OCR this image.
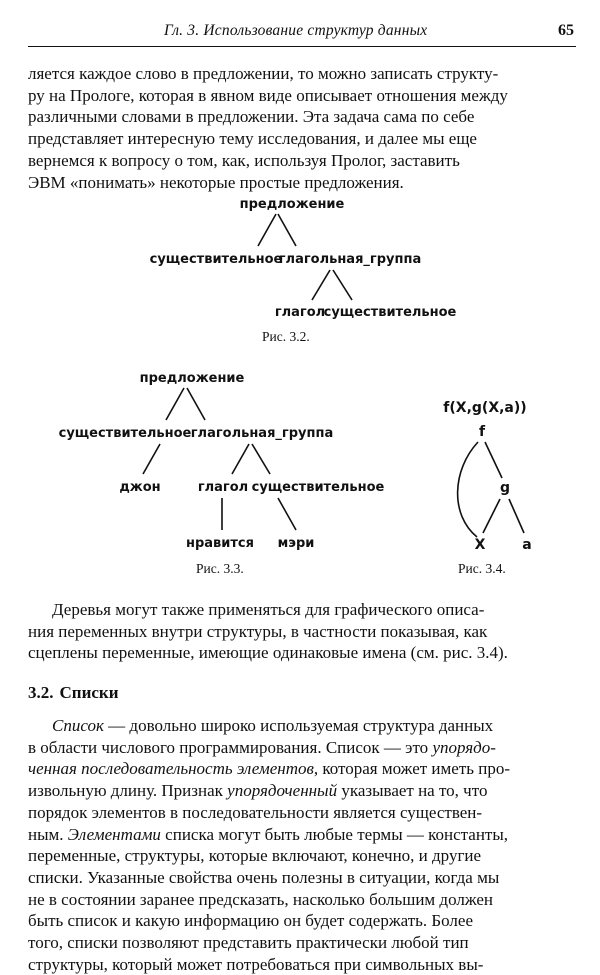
Гл. 3. Использование структур данных	65
ляется каждое слово в предложении, то можно записать структу-
ру на Прологе, которая в явном виде описывает отношения между
различными словами в предложении. Эта задача сама по себе
представляет интересную тему исследования, и далее мы еще
вернемся к вопросу о том, как, используя Пролог, заставить
ЭВМ «понимать» некоторые простые предложения.
предложение
существительное
глагольная_группа
глагол
существительное
Рис. 3.2.
предложение
существительное глагольная_группа
джон	глагол существительное
нравится мэри
Рис. 3.3.
f(X,g(X,a))
f
g
X	a
Рис. 3.4.
Деревья могут также применяться для графического описа-
ния переменных внутри структуры, в частности показывая, как
сцеплены переменные, имеющие одинаковые имена (см. рис. 3.4).
3.2. Списки
Список — довольно широко используемая структура данных
в области числового программирования. Список — это упорядо-
ченная последовательность элементов, которая может иметь про-
извольную длину. Признак упорядоченный указывает на то, что
порядок элементов в последовательности является существен-
ным. Элементами списка могут быть любые термы — константы,
переменные, структуры, которые включают, конечно, и другие
списки. Указанные свойства очень полезны в ситуации, когда мы
не в состоянии заранее предсказать, насколько большим должен
быть список и какую информацию он будет содержать. Более
того, списки позволяют представить практически любой тип
структуры, который может потребоваться при символьных вы-
